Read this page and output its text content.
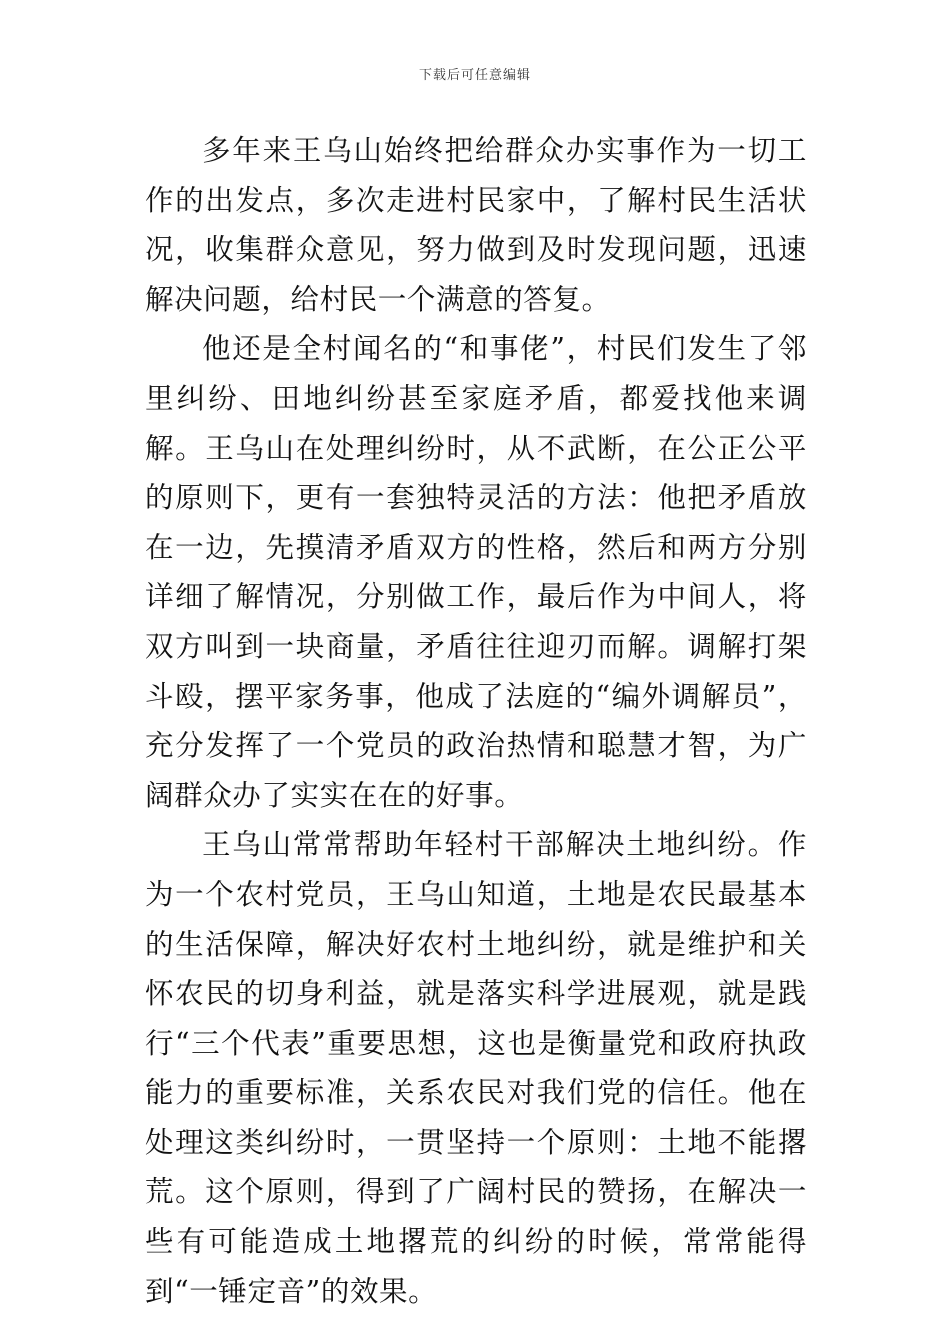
下载后可任意编辑

多年来王乌山始终把给群众办实事作为一切工作的出发点，多次走进村民家中，了解村民生活状况，收集群众意见，努力做到及时发现问题，迅速解决问题，给村民一个满意的答复。

他还是全村闻名的“和事佬”，村民们发生了邻里纠纷、田地纠纷甚至家庭矛盾，都爱找他来调解。王乌山在处理纠纷时，从不武断，在公正公平的原则下，更有一套独特灵活的方法：他把矛盾放在一边，先摸清矛盾双方的性格，然后和两方分别详细了解情况，分别做工作，最后作为中间人，将双方叫到一块商量，矛盾往往迎刃而解。调解打架斗殴，摆平家务事，他成了法庭的“编外调解员”，充分发挥了一个党员的政治热情和聪慧才智，为广阔群众办了实实在在的好事。

王乌山常常帮助年轻村干部解决土地纠纷。作为一个农村党员，王乌山知道，土地是农民最基本的生活保障，解决好农村土地纠纷，就是维护和关怀农民的切身利益，就是落实科学进展观，就是践行“三个代表”重要思想，这也是衡量党和政府执政能力的重要标准，关系农民对我们党的信任。他在处理这类纠纷时，一贯坚持一个原则：土地不能撂荒。这个原则，得到了广阔村民的赞扬，在解决一些有可能造成土地撂荒的纠纷的时候，常常能得到“一锤定音”的效果。
